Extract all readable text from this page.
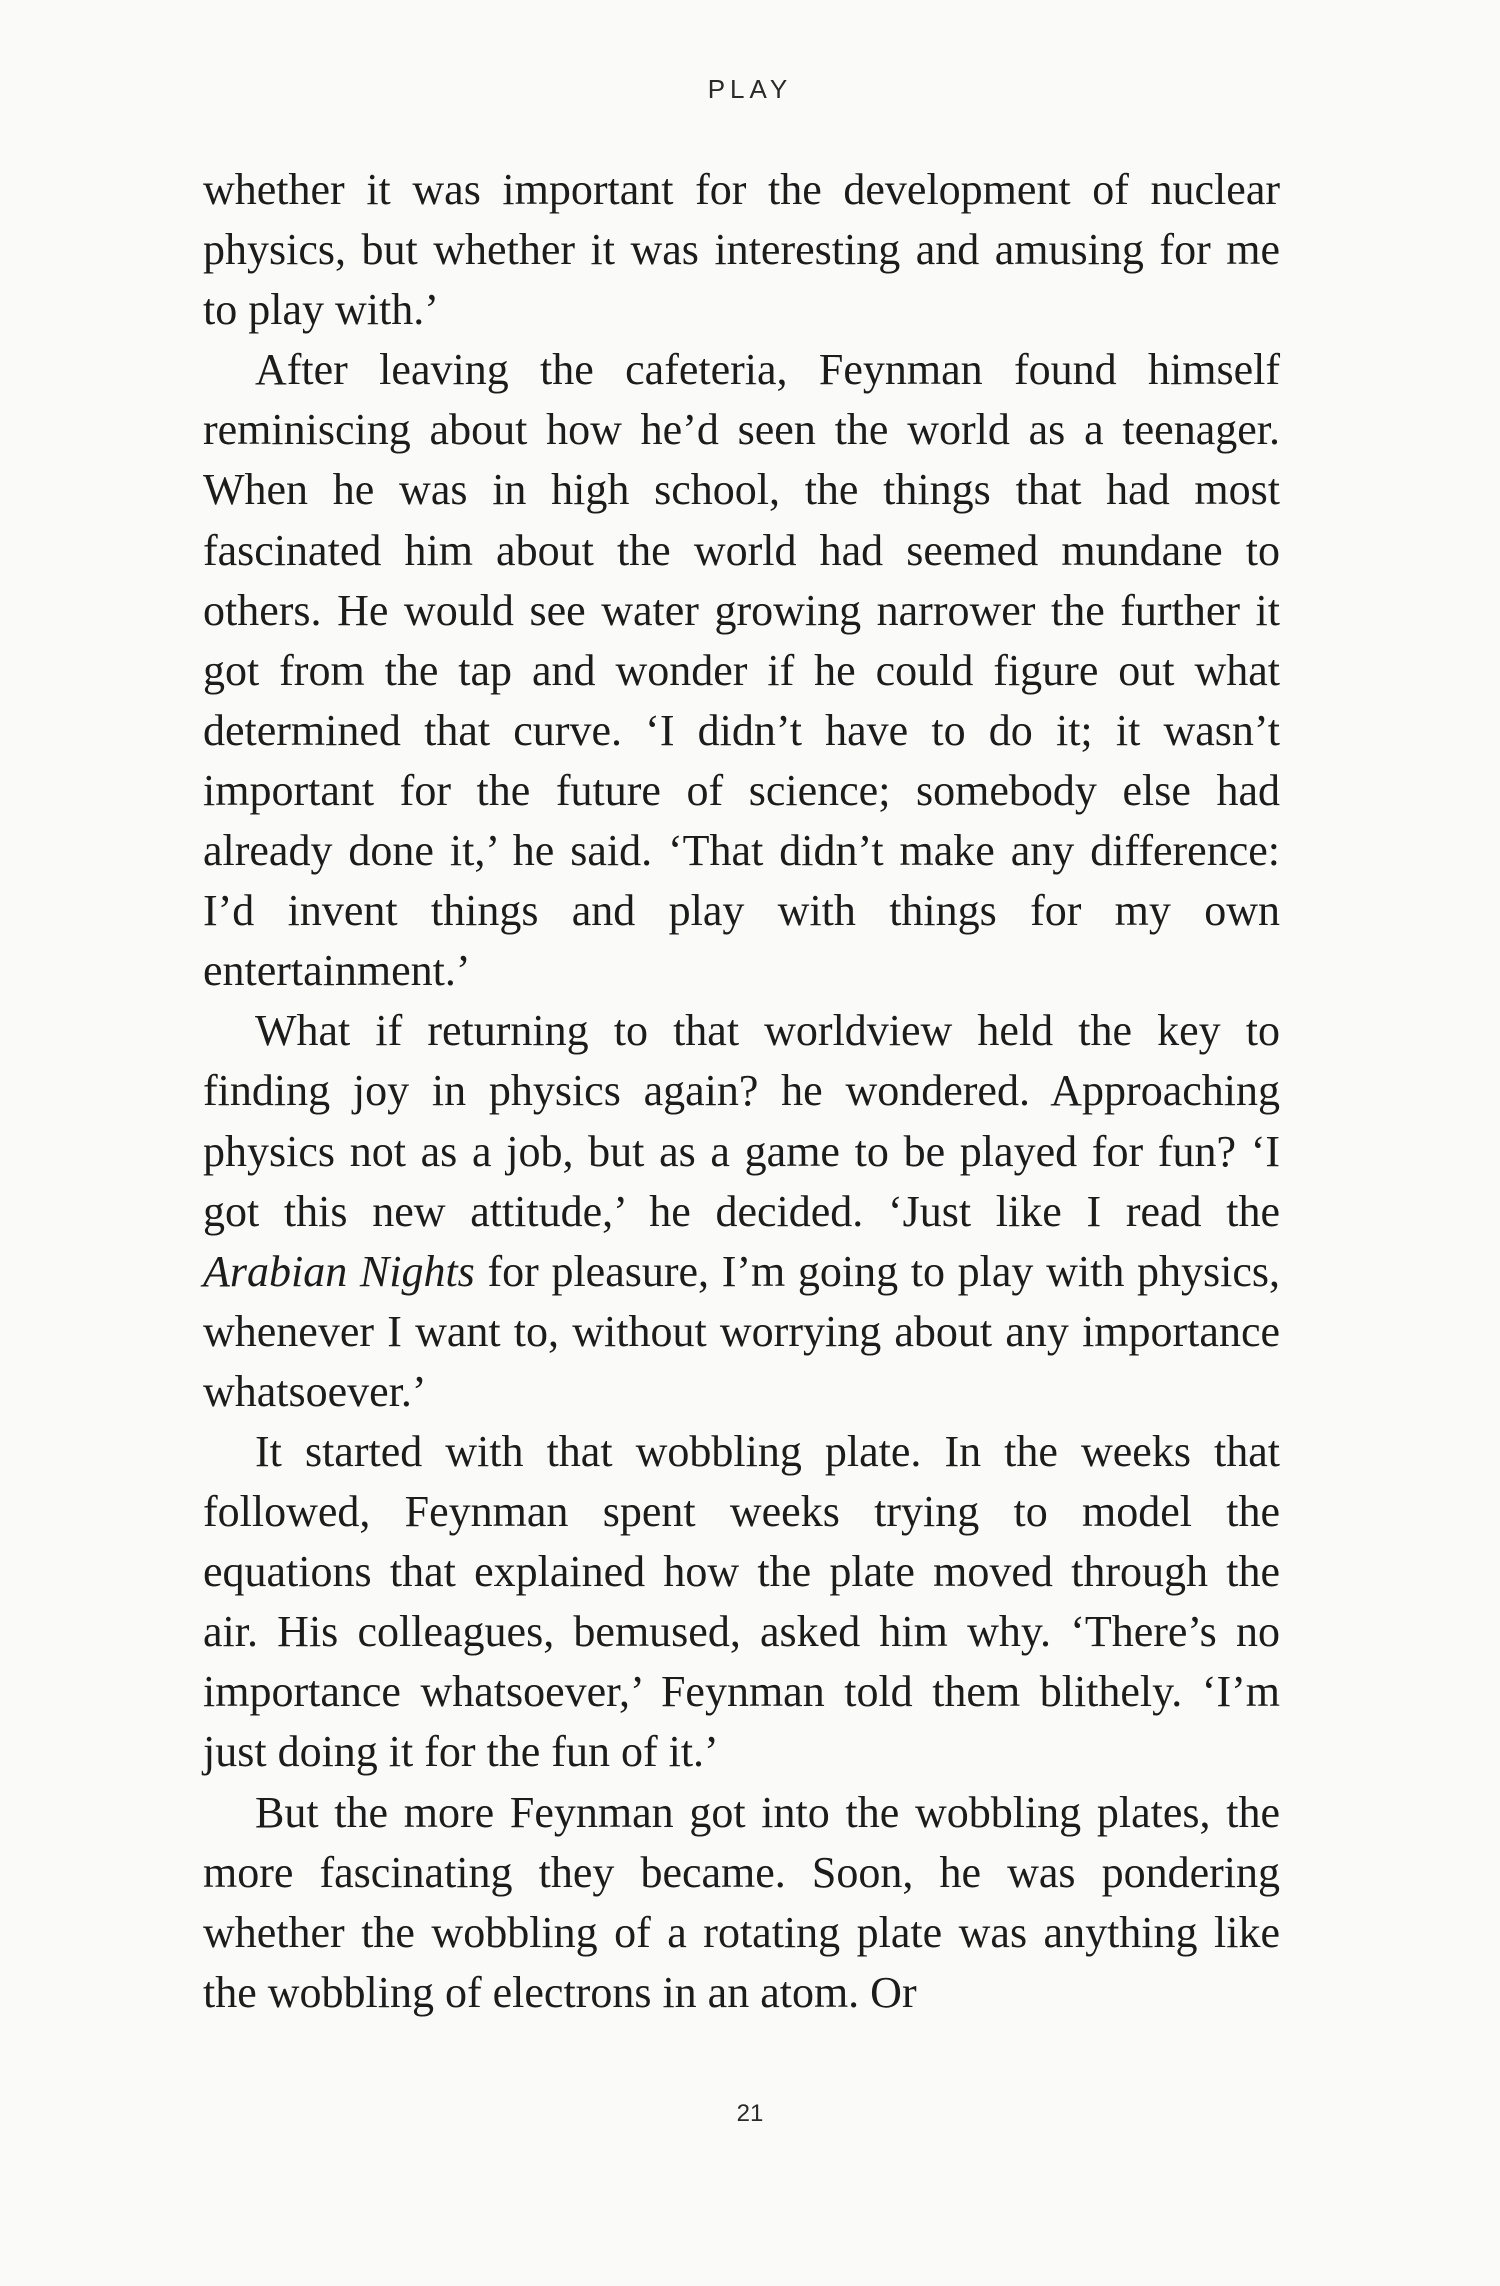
PLAY

whether it was important for the development of nuclear physics, but whether it was interesting and amusing for me to play with.’

After leaving the cafeteria, Feynman found himself reminiscing about how he’d seen the world as a teenager. When he was in high school, the things that had most fascinated him about the world had seemed mundane to others. He would see water growing narrower the further it got from the tap and wonder if he could figure out what determined that curve. ‘I didn’t have to do it; it wasn’t important for the future of science; somebody else had already done it,’ he said. ‘That didn’t make any difference: I’d invent things and play with things for my own entertainment.’

What if returning to that worldview held the key to finding joy in physics again? he wondered. Approaching physics not as a job, but as a game to be played for fun? ‘I got this new attitude,’ he decided. ‘Just like I read the Arabian Nights for pleasure, I’m going to play with physics, whenever I want to, without worrying about any importance whatsoever.’

It started with that wobbling plate. In the weeks that followed, Feynman spent weeks trying to model the equations that explained how the plate moved through the air. His colleagues, bemused, asked him why. ‘There’s no importance whatsoever,’ Feynman told them blithely. ‘I’m just doing it for the fun of it.’

But the more Feynman got into the wobbling plates, the more fascinating they became. Soon, he was pondering whether the wobbling of a rotating plate was anything like the wobbling of electrons in an atom. Or

21
